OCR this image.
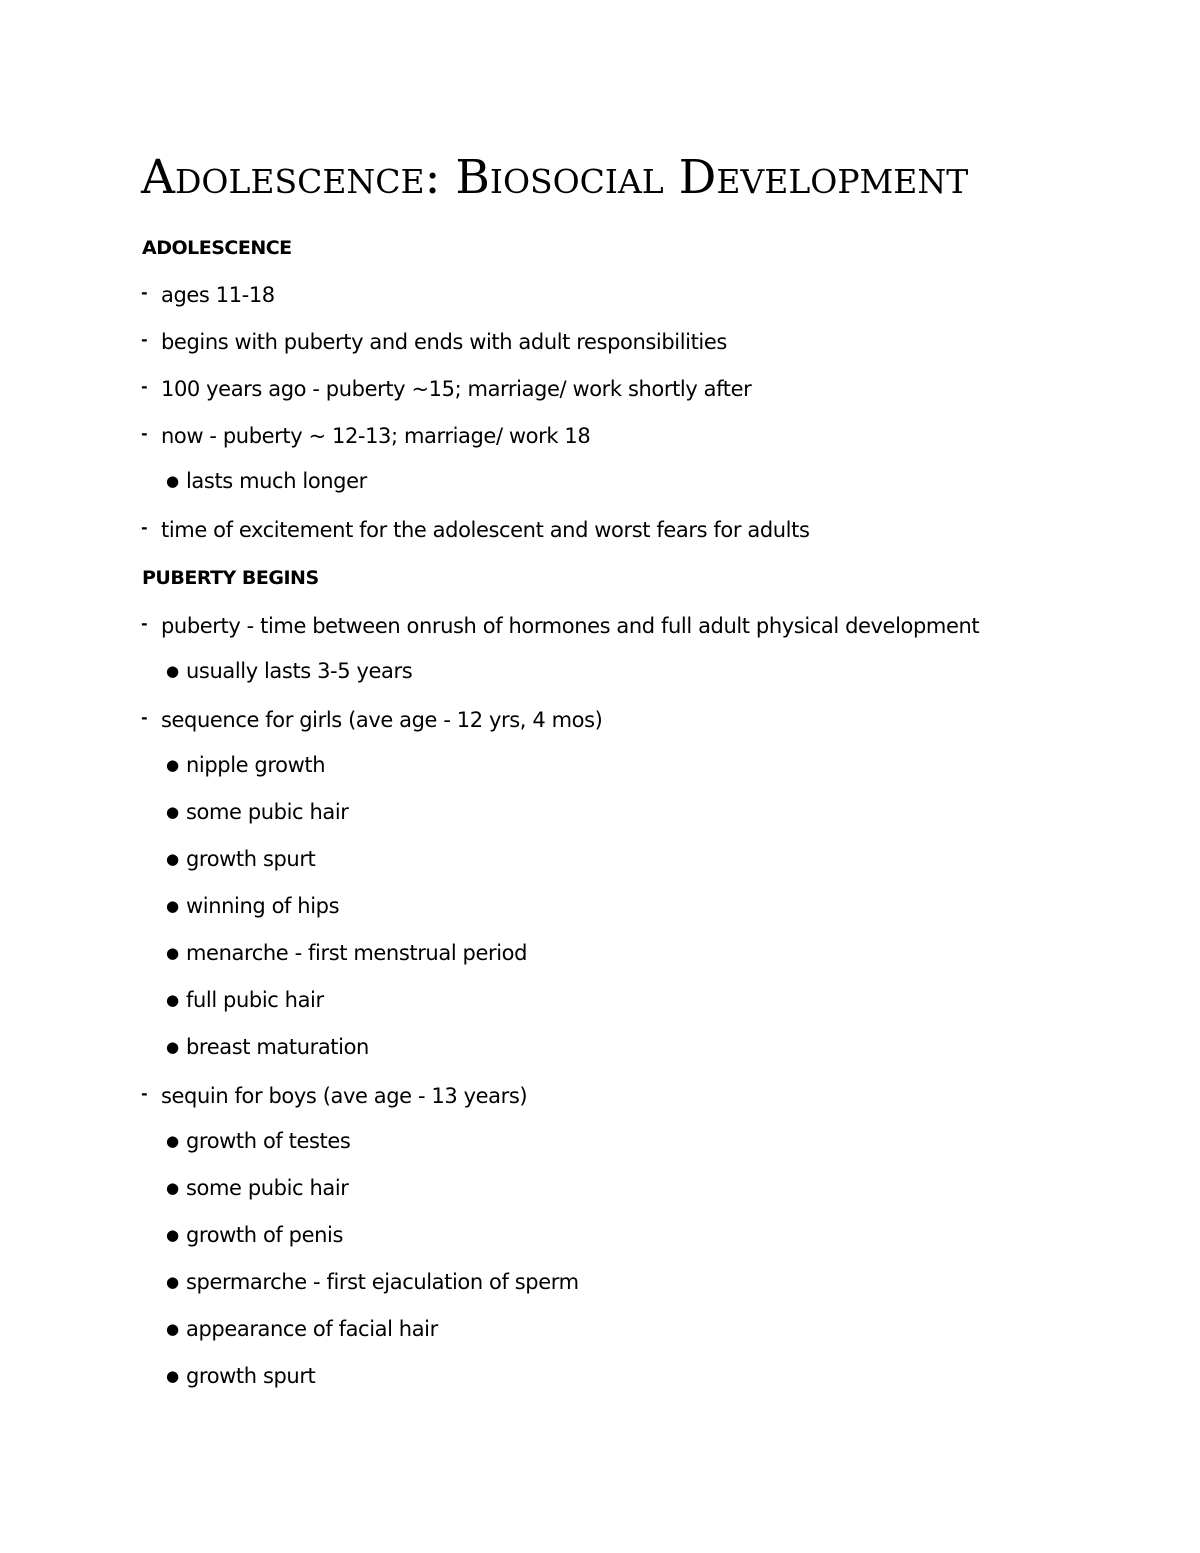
Adolescence: Biosocial Development
ADOLESCENCE
- ages 11-18
- begins with puberty and ends with adult responsibilities
- 100 years ago - puberty ~15; marriage/ work shortly after
- now - puberty ~ 12-13; marriage/ work 18
● lasts much longer
- time of excitement for the adolescent and worst fears for adults
PUBERTY BEGINS
- puberty - time between onrush of hormones and full adult physical development
● usually lasts 3-5 years
- sequence for girls (ave age - 12 yrs, 4 mos)
● nipple growth
● some pubic hair
● growth spurt
● winning of hips
● menarche - first menstrual period
● full pubic hair
● breast maturation
- sequin for boys (ave age - 13 years)
● growth of testes
● some pubic hair
● growth of penis
● spermarche - first ejaculation of sperm
● appearance of facial hair
● growth spurt
